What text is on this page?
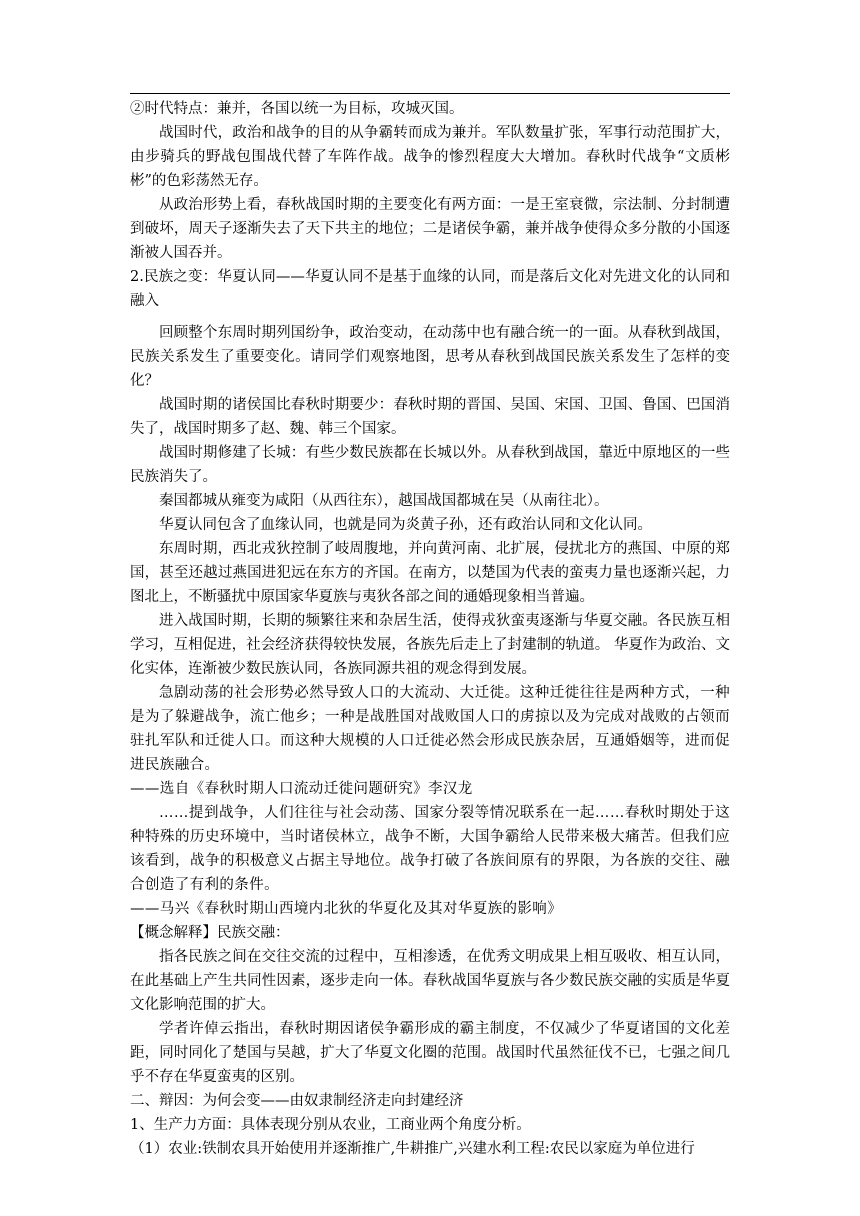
②时代特点：兼并，各国以统一为目标，攻城灭国。

战国时代，政治和战争的目的从争霸转而成为兼并。军队数量扩张，军事行动范围扩大，由步骑兵的野战包围战代替了车阵作战。战争的惨烈程度大大增加。春秋时代战争“文质彬彬”的色彩荡然无存。

从政治形势上看，春秋战国时期的主要变化有两方面：一是王室衰微，宗法制、分封制遭到破坏，周天子逐渐失去了天下共主的地位；二是诸侯争霸，兼并战争使得众多分散的小国逐渐被人国吞并。

2.民族之变：华夏认同——华夏认同不是基于血缘的认同，而是落后文化对先进文化的认同和融入

回顾整个东周时期列国纷争，政治变动，在动荡中也有融合统一的一面。从春秋到战国，民族关系发生了重要变化。请同学们观察地图，思考从春秋到战国民族关系发生了怎样的变化？

战国时期的诸侯国比春秋时期要少：春秋时期的晋国、吴国、宋国、卫国、鲁国、巴国消失了，战国时期多了赵、魏、韩三个国家。

战国时期修建了长城：有些少数民族都在长城以外。从春秋到战国，靠近中原地区的一些民族消失了。

秦国都城从雍变为咸阳（从西往东），越国战国都城在吴（从南往北）。

华夏认同包含了血缘认同，也就是同为炎黄子孙，还有政治认同和文化认同。

东周时期，西北戎狄控制了岐周腹地，并向黄河南、北扩展，侵扰北方的燕国、中原的郑国，甚至还越过燕国进犯远在东方的齐国。在南方，以楚国为代表的蛮夷力量也逐渐兴起，力图北上，不断骚扰中原国家华夏族与夷狄各部之间的通婚现象相当普遍。

进入战国时期，长期的频繁往来和杂居生活，使得戎狄蛮夷逐渐与华夏交融。各民族互相学习，互相促进，社会经济获得较快发展，各族先后走上了封建制的轨道。 华夏作为政治、文化实体，连渐被少数民族认同，各族同源共祖的观念得到发展。

急剧动荡的社会形势必然导致人口的大流动、大迁徙。这种迁徙往往是两种方式，一种是为了躲避战争，流亡他乡；一种是战胜国对战败国人口的虏掠以及为完成对战败的占领而驻扎军队和迁徙人口。而这种大规模的人口迁徙必然会形成民族杂居，互通婚姻等，进而促进民族融合。

——选自《春秋时期人口流动迁徙问题研究》李汉龙

……提到战争，人们往往与社会动荡、国家分裂等情况联系在一起……春秋时期处于这种特殊的历史环境中，当时诸侯林立，战争不断，大国争霸给人民带来极大痛苦。但我们应该看到，战争的积极意义占据主导地位。战争打破了各族间原有的界限，为各族的交往、融合创造了有利的条件。

——马兴《春秋时期山西境内北狄的华夏化及其对华夏族的影响》

【概念解释】民族交融：

指各民族之间在交往交流的过程中，互相渗透，在优秀文明成果上相互吸收、相互认同，在此基础上产生共同性因素，逐步走向一体。春秋战国华夏族与各少数民族交融的实质是华夏文化影响范围的扩大。

学者许倬云指出，春秋时期因诸侯争霸形成的霸主制度，不仅减少了华夏诸国的文化差距，同时同化了楚国与吴越，扩大了华夏文化圈的范围。战国时代虽然征伐不已，七强之间几乎不存在华夏蛮夷的区别。

二、辩因：为何会变——由奴隶制经济走向封建经济

1、生产力方面：具体表现分别从农业，工商业两个角度分析。

（1）农业:铁制农具开始使用并逐渐推广,牛耕推广,兴建水利工程:农民以家庭为单位进行
